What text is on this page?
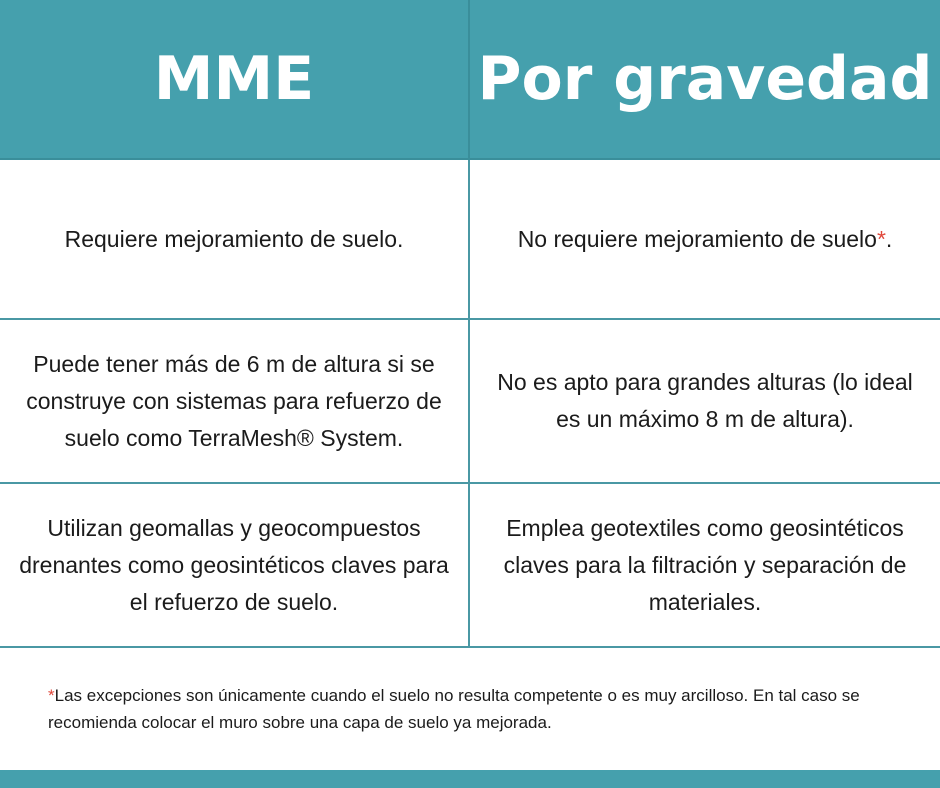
MME	Por gravedad
Requiere mejoramiento de suelo.	No requiere mejoramiento de suelo*.
Puede tener más de 6 m de altura si se construye con sistemas para refuerzo de suelo como TerraMesh® System.
No es apto para grandes alturas (lo ideal es un máximo 8 m de altura).
Utilizan geomallas y geocompuestos drenantes como geosintéticos claves para el refuerzo de suelo.
Emplea geotextiles como geosintéticos claves para la filtración y separación de materiales.
*Las excepciones son únicamente cuando el suelo no resulta competente o es muy arcilloso. En tal caso se recomienda colocar el muro sobre una capa de suelo ya mejorada.
